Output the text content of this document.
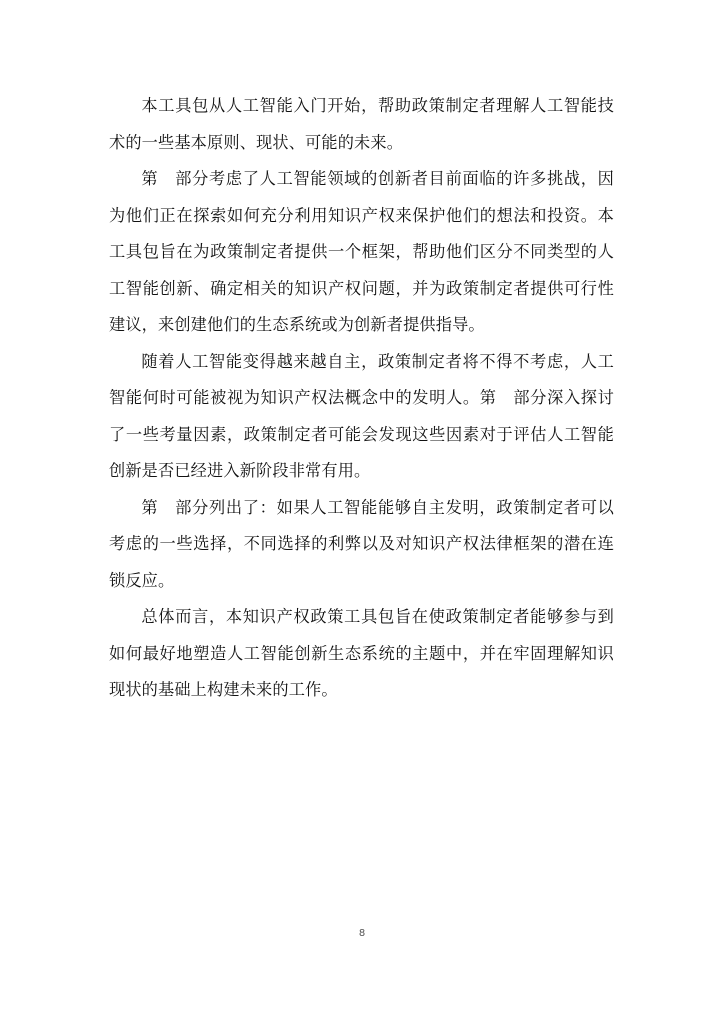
本工具包从人工智能入门开始，帮助政策制定者理解人工智能技术的一些基本原则、现状、可能的未来。

第　部分考虑了人工智能领域的创新者目前面临的许多挑战，因为他们正在探索如何充分利用知识产权来保护他们的想法和投资。本工具包旨在为政策制定者提供一个框架，帮助他们区分不同类型的人工智能创新、确定相关的知识产权问题，并为政策制定者提供可行性建议，来创建他们的生态系统或为创新者提供指导。

随着人工智能变得越来越自主，政策制定者将不得不考虑，人工智能何时可能被视为知识产权法概念中的发明人。第　部分深入探讨了一些考量因素，政策制定者可能会发现这些因素对于评估人工智能创新是否已经进入新阶段非常有用。

第　部分列出了：如果人工智能能够自主发明，政策制定者可以考虑的一些选择，不同选择的利弊以及对知识产权法律框架的潜在连锁反应。

总体而言，本知识产权政策工具包旨在使政策制定者能够参与到如何最好地塑造人工智能创新生态系统的主题中，并在牢固理解知识现状的基础上构建未来的工作。

8
